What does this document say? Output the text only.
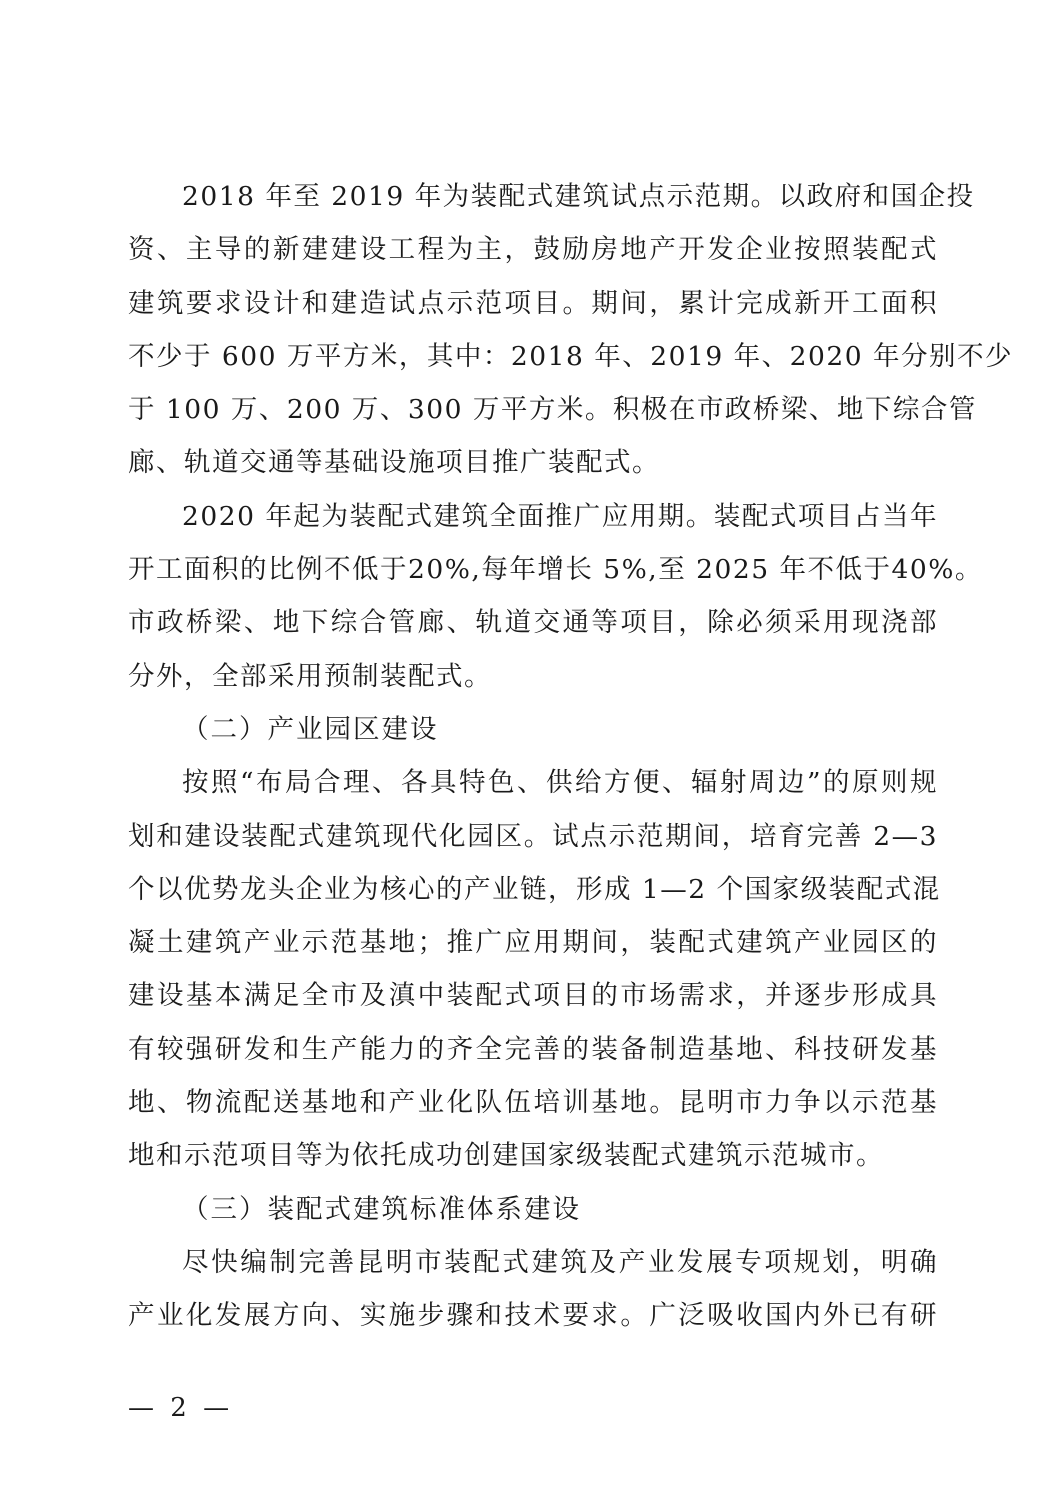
2018 年至 2019 年为装配式建筑试点示范期。以政府和国企投
资、主导的新建建设工程为主，鼓励房地产开发企业按照装配式
建筑要求设计和建造试点示范项目。期间，累计完成新开工面积
不少于 600 万平方米，其中：2018 年、2019 年、2020 年分别不少
于 100 万、200 万、300 万平方米。积极在市政桥梁、地下综合管
廊、轨道交通等基础设施项目推广装配式。
2020 年起为装配式建筑全面推广应用期。装配式项目占当年
开工面积的比例不低于20%,每年增长 5%,至 2025 年不低于40%。
市政桥梁、地下综合管廊、轨道交通等项目，除必须采用现浇部
分外，全部采用预制装配式。
（二）产业园区建设
按照“布局合理、各具特色、供给方便、辐射周边”的原则规
划和建设装配式建筑现代化园区。试点示范期间，培育完善 2—3
个以优势龙头企业为核心的产业链，形成 1—2 个国家级装配式混
凝土建筑产业示范基地；推广应用期间，装配式建筑产业园区的
建设基本满足全市及滇中装配式项目的市场需求，并逐步形成具
有较强研发和生产能力的齐全完善的装备制造基地、科技研发基
地、物流配送基地和产业化队伍培训基地。昆明市力争以示范基
地和示范项目等为依托成功创建国家级装配式建筑示范城市。
（三）装配式建筑标准体系建设
尽快编制完善昆明市装配式建筑及产业发展专项规划，明确
产业化发展方向、实施步骤和技术要求。广泛吸收国内外已有研
— 2 —
